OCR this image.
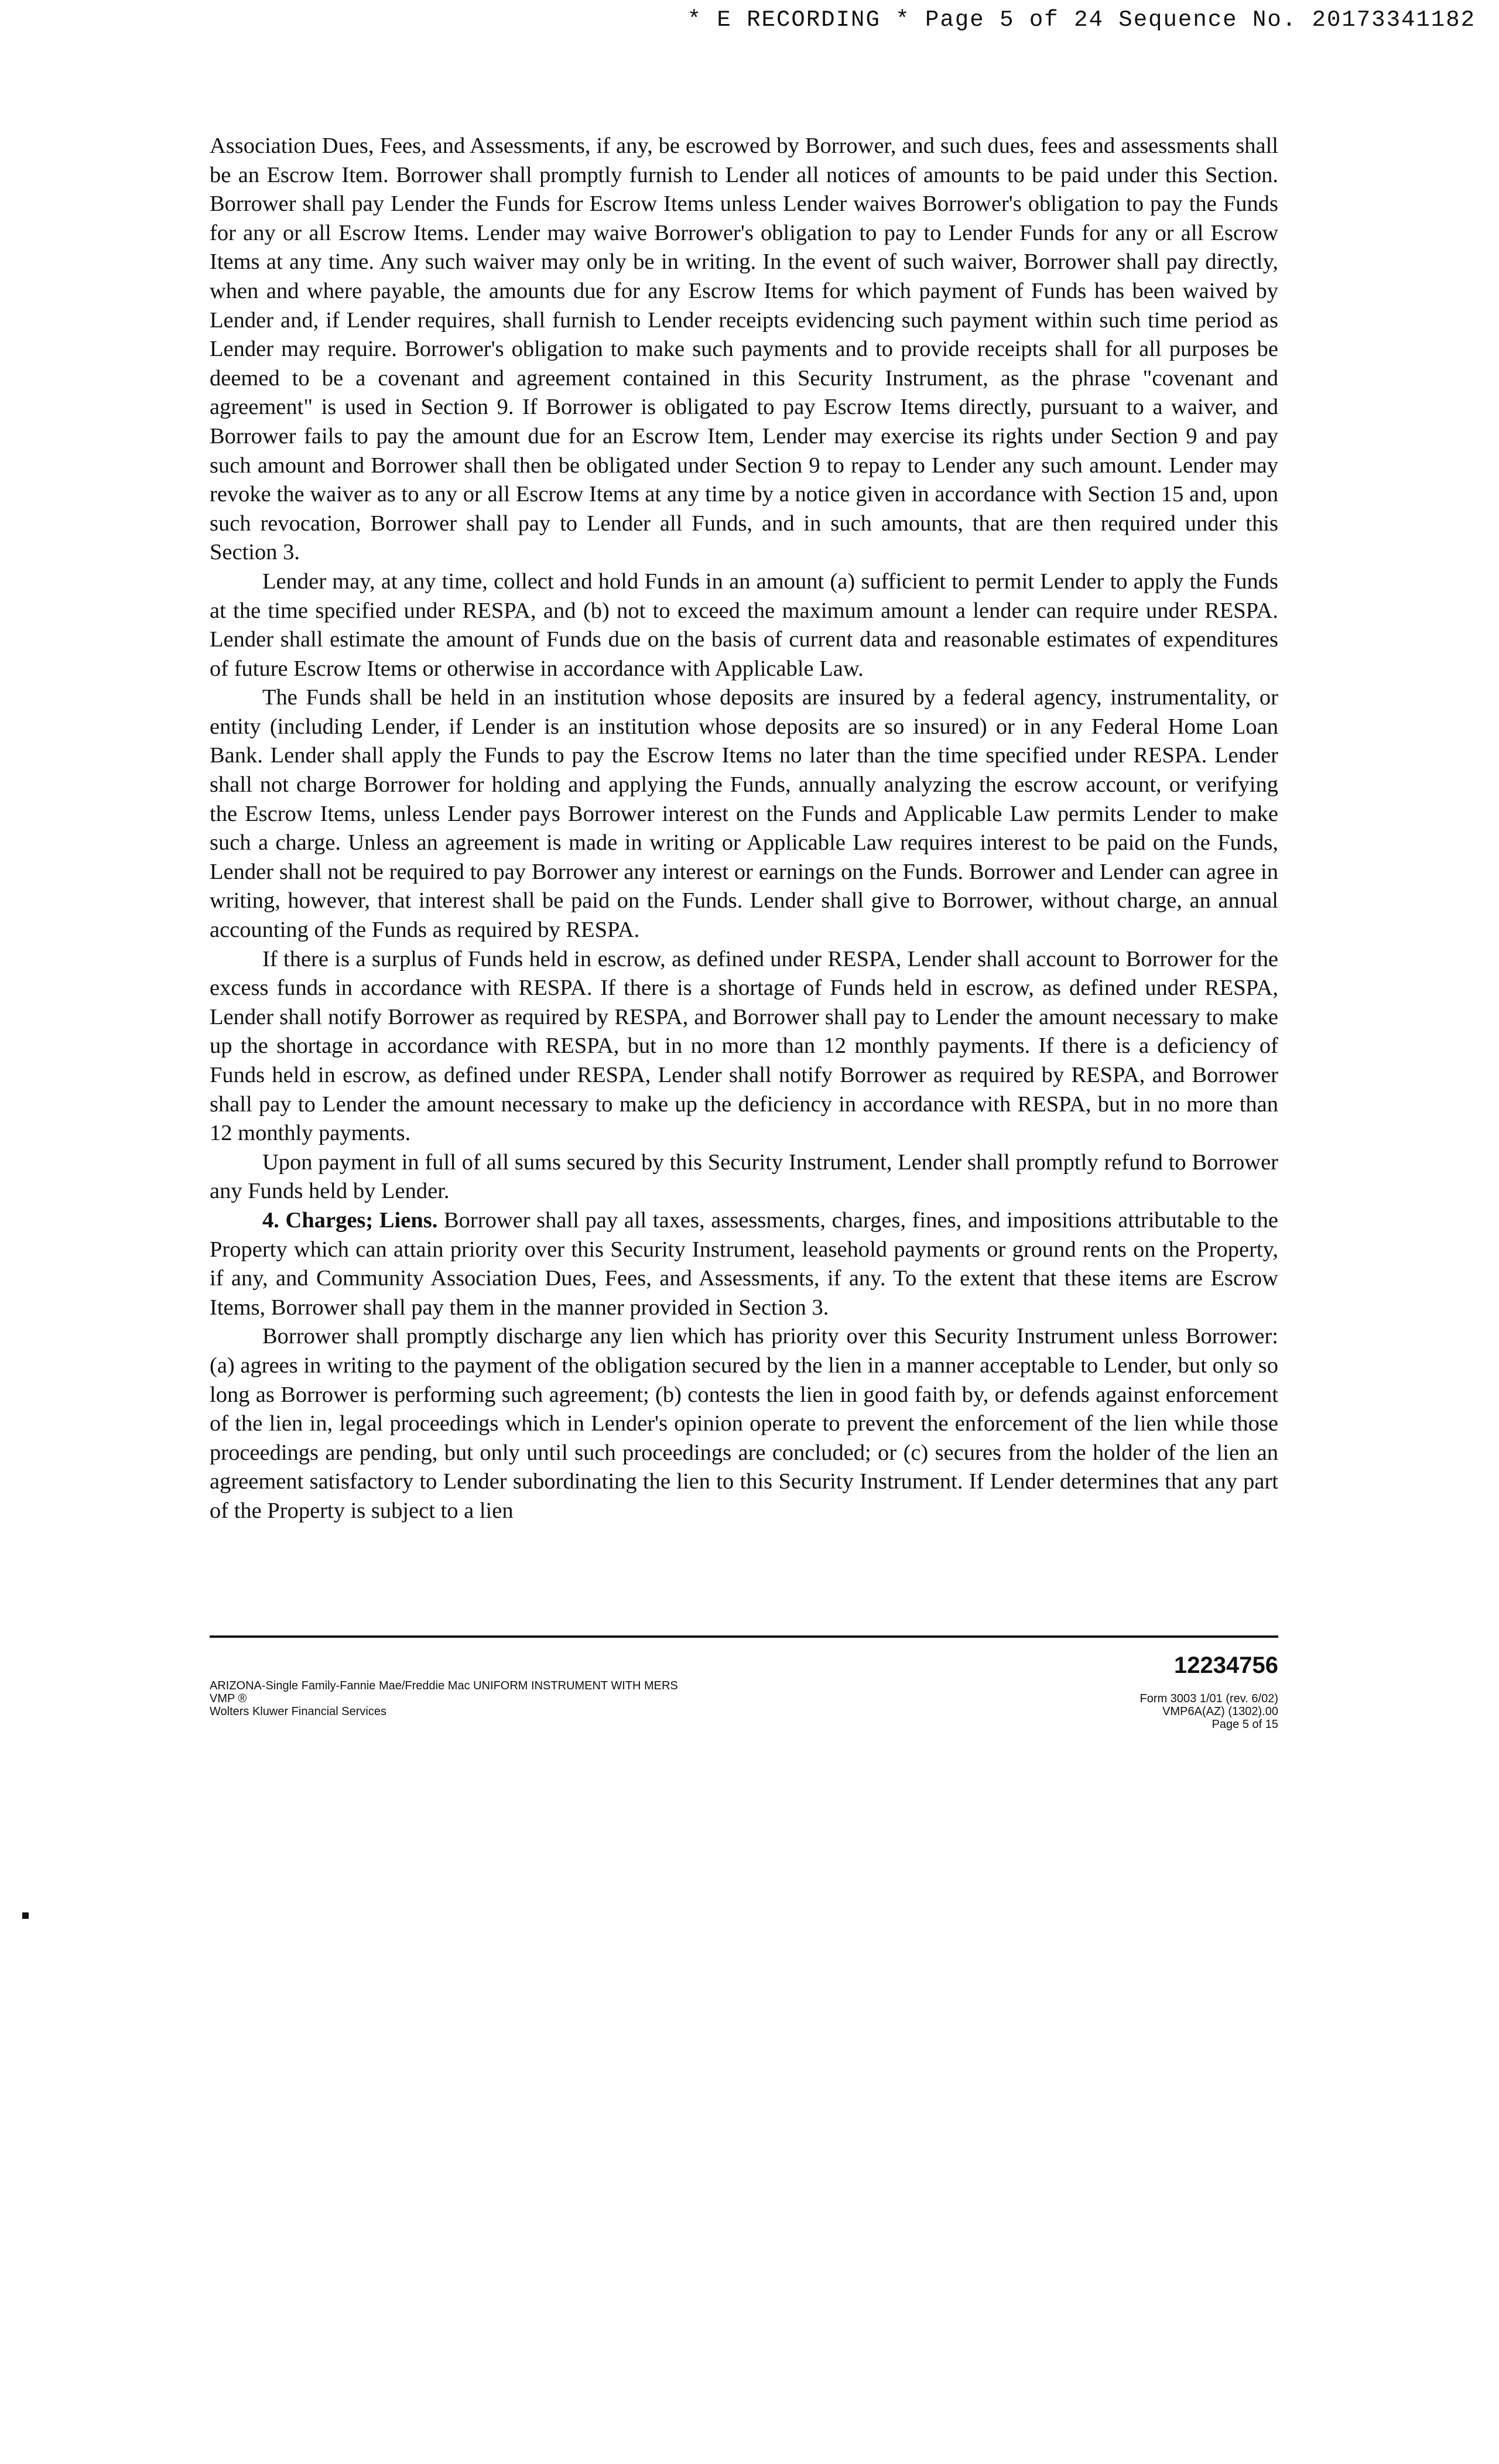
* E RECORDING * Page 5 of 24 Sequence No. 20173341182

Association Dues, Fees, and Assessments, if any, be escrowed by Borrower, and such dues, fees and assessments shall be an Escrow Item. Borrower shall promptly furnish to Lender all notices of amounts to be paid under this Section. Borrower shall pay Lender the Funds for Escrow Items unless Lender waives Borrower's obligation to pay the Funds for any or all Escrow Items. Lender may waive Borrower's obligation to pay to Lender Funds for any or all Escrow Items at any time. Any such waiver may only be in writing. In the event of such waiver, Borrower shall pay directly, when and where payable, the amounts due for any Escrow Items for which payment of Funds has been waived by Lender and, if Lender requires, shall furnish to Lender receipts evidencing such payment within such time period as Lender may require. Borrower's obligation to make such payments and to provide receipts shall for all purposes be deemed to be a covenant and agreement contained in this Security Instrument, as the phrase "covenant and agreement" is used in Section 9. If Borrower is obligated to pay Escrow Items directly, pursuant to a waiver, and Borrower fails to pay the amount due for an Escrow Item, Lender may exercise its rights under Section 9 and pay such amount and Borrower shall then be obligated under Section 9 to repay to Lender any such amount. Lender may revoke the waiver as to any or all Escrow Items at any time by a notice given in accordance with Section 15 and, upon such revocation, Borrower shall pay to Lender all Funds, and in such amounts, that are then required under this Section 3.

Lender may, at any time, collect and hold Funds in an amount (a) sufficient to permit Lender to apply the Funds at the time specified under RESPA, and (b) not to exceed the maximum amount a lender can require under RESPA. Lender shall estimate the amount of Funds due on the basis of current data and reasonable estimates of expenditures of future Escrow Items or otherwise in accordance with Applicable Law.

The Funds shall be held in an institution whose deposits are insured by a federal agency, instrumentality, or entity (including Lender, if Lender is an institution whose deposits are so insured) or in any Federal Home Loan Bank. Lender shall apply the Funds to pay the Escrow Items no later than the time specified under RESPA. Lender shall not charge Borrower for holding and applying the Funds, annually analyzing the escrow account, or verifying the Escrow Items, unless Lender pays Borrower interest on the Funds and Applicable Law permits Lender to make such a charge. Unless an agreement is made in writing or Applicable Law requires interest to be paid on the Funds, Lender shall not be required to pay Borrower any interest or earnings on the Funds. Borrower and Lender can agree in writing, however, that interest shall be paid on the Funds. Lender shall give to Borrower, without charge, an annual accounting of the Funds as required by RESPA.

If there is a surplus of Funds held in escrow, as defined under RESPA, Lender shall account to Borrower for the excess funds in accordance with RESPA. If there is a shortage of Funds held in escrow, as defined under RESPA, Lender shall notify Borrower as required by RESPA, and Borrower shall pay to Lender the amount necessary to make up the shortage in accordance with RESPA, but in no more than 12 monthly payments. If there is a deficiency of Funds held in escrow, as defined under RESPA, Lender shall notify Borrower as required by RESPA, and Borrower shall pay to Lender the amount necessary to make up the deficiency in accordance with RESPA, but in no more than 12 monthly payments.

Upon payment in full of all sums secured by this Security Instrument, Lender shall promptly refund to Borrower any Funds held by Lender.

4. Charges; Liens. Borrower shall pay all taxes, assessments, charges, fines, and impositions attributable to the Property which can attain priority over this Security Instrument, leasehold payments or ground rents on the Property, if any, and Community Association Dues, Fees, and Assessments, if any. To the extent that these items are Escrow Items, Borrower shall pay them in the manner provided in Section 3.

Borrower shall promptly discharge any lien which has priority over this Security Instrument unless Borrower: (a) agrees in writing to the payment of the obligation secured by the lien in a manner acceptable to Lender, but only so long as Borrower is performing such agreement; (b) contests the lien in good faith by, or defends against enforcement of the lien in, legal proceedings which in Lender's opinion operate to prevent the enforcement of the lien while those proceedings are pending, but only until such proceedings are concluded; or (c) secures from the holder of the lien an agreement satisfactory to Lender subordinating the lien to this Security Instrument. If Lender determines that any part of the Property is subject to a lien

ARIZONA-Single Family-Fannie Mae/Freddie Mac UNIFORM INSTRUMENT WITH MERS
VMP ®
Wolters Kluwer Financial Services
12234756
Form 3003 1/01 (rev. 6/02)
VMP6A(AZ) (1302).00
Page 5 of 15
